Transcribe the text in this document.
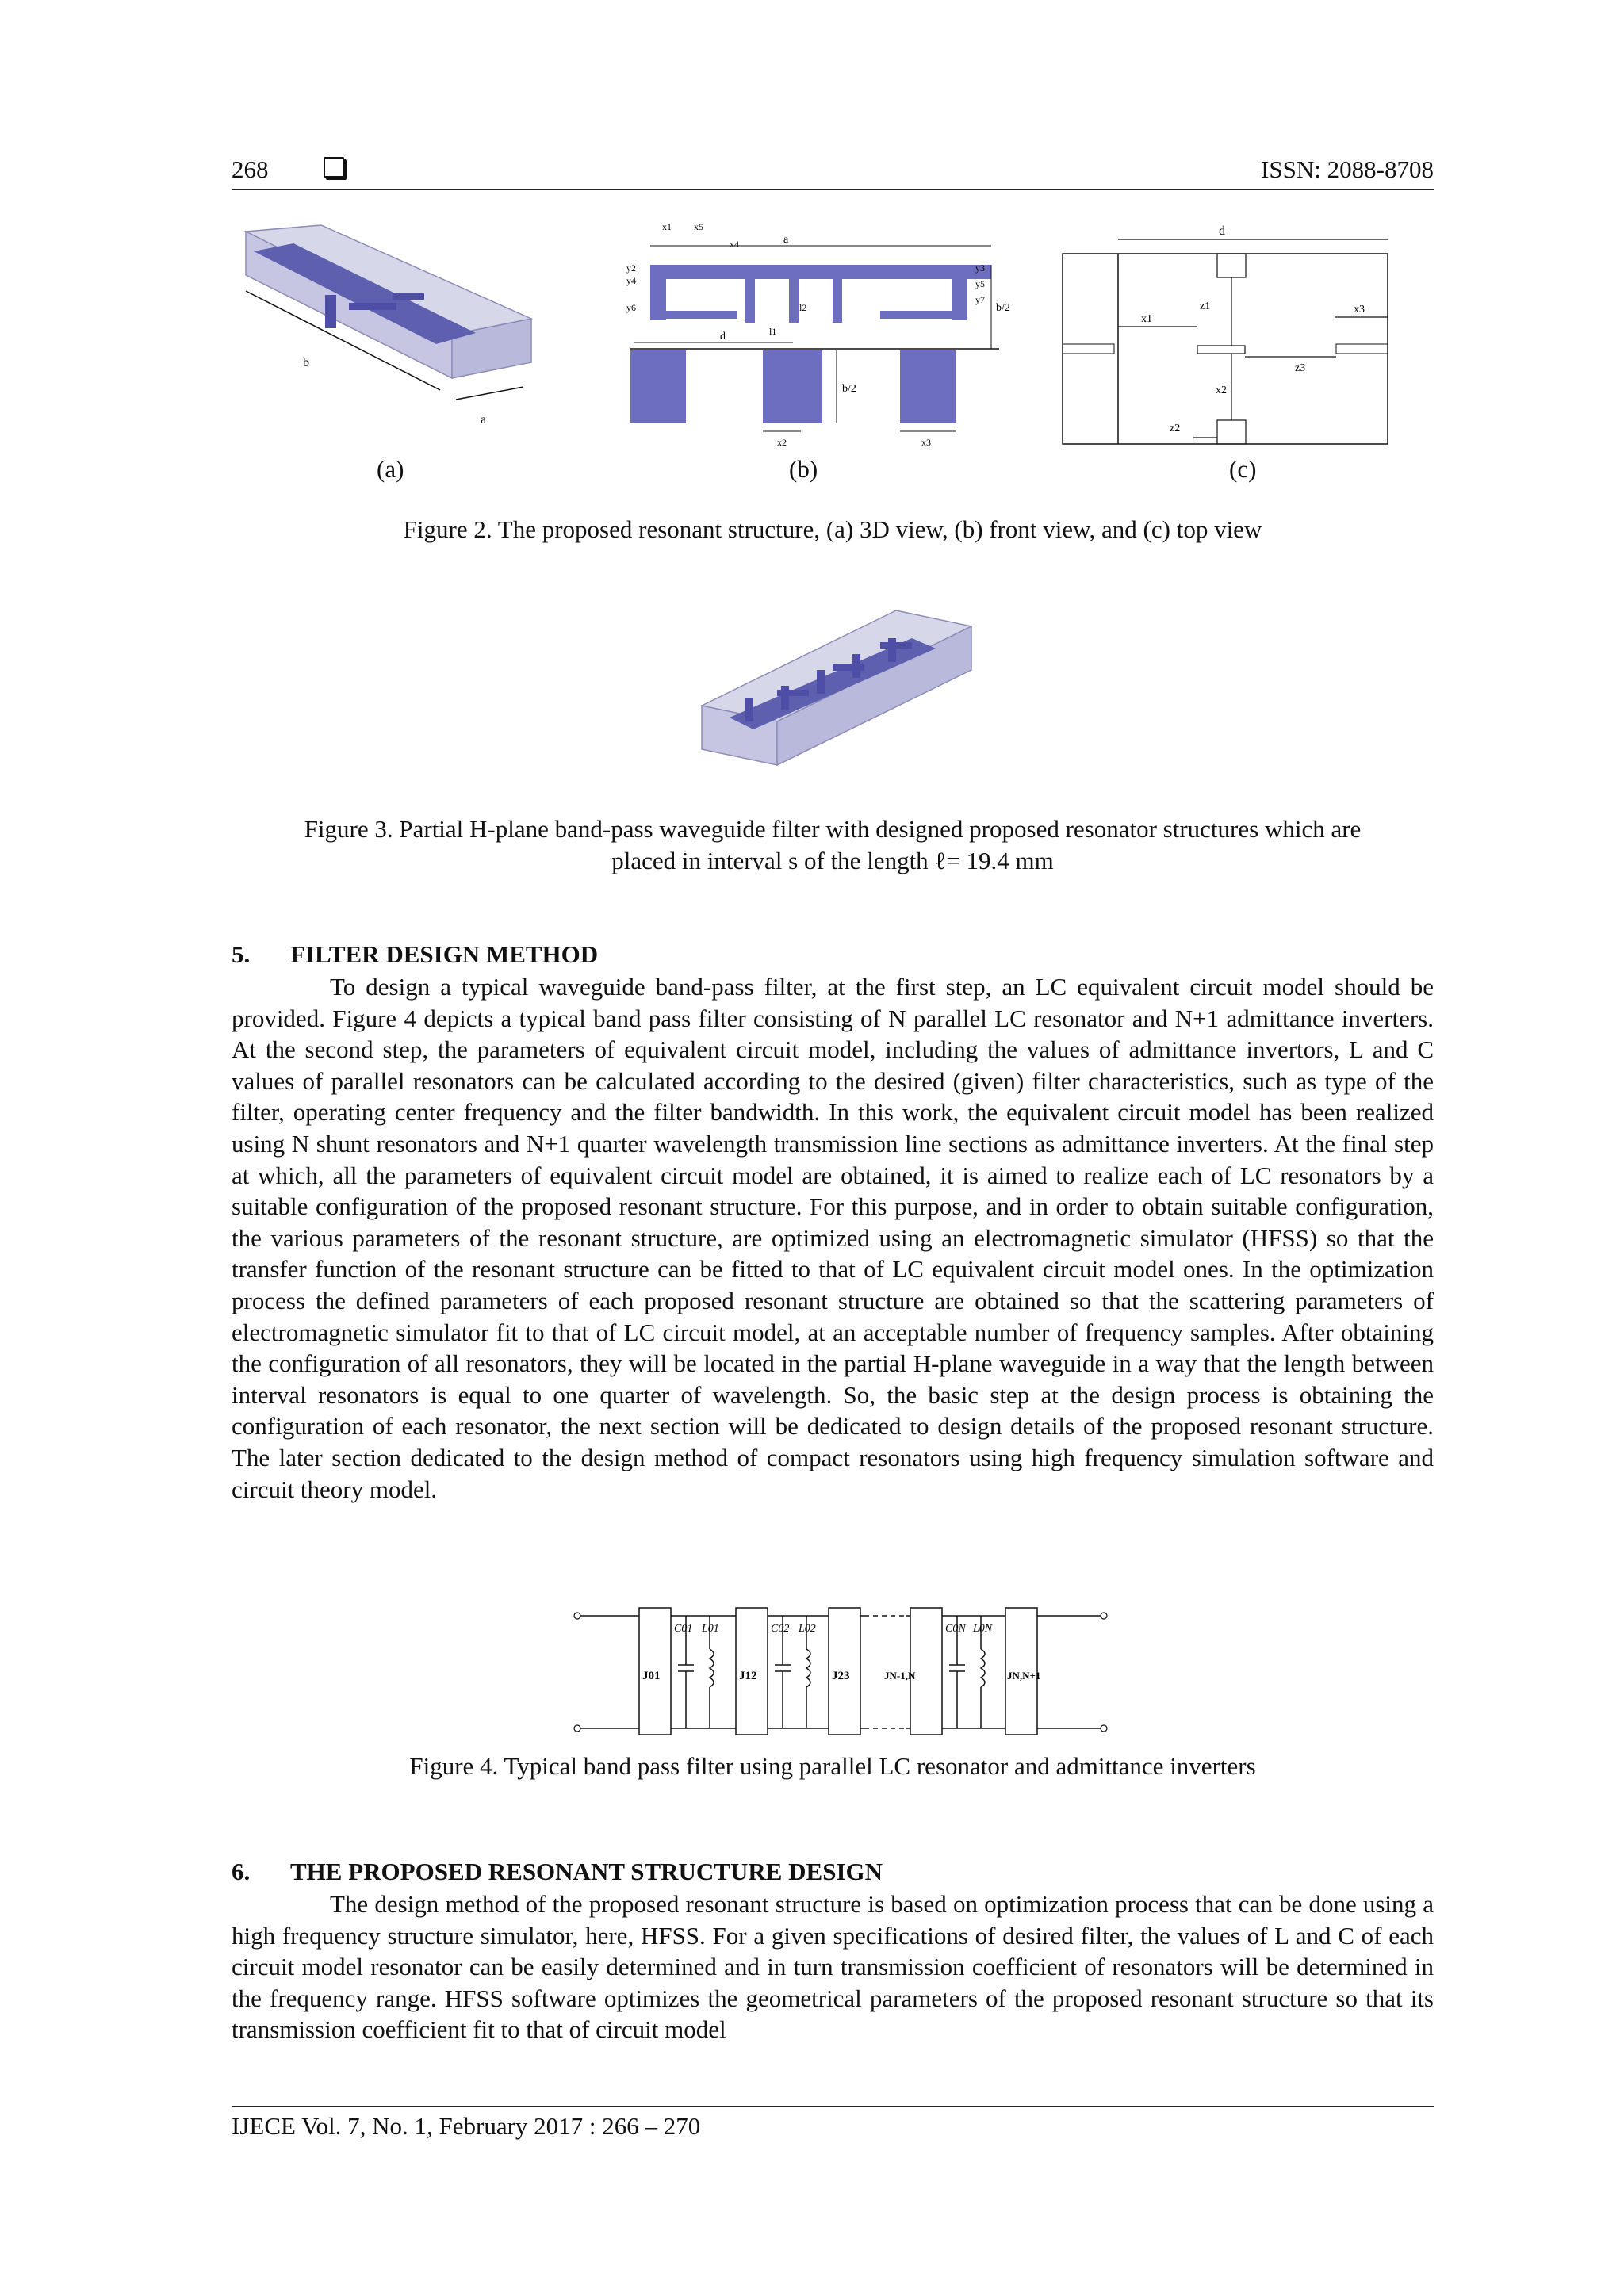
268	ISSN: 2088-8708
b
a
a
d
x1 x5
x4
y2
y4
y6
y3
y5
y7
b/2
l2
l1
b/2
x2	x3
d
z1
x1
x3
z3
x2
z2
(a)	(b)	(c)
Figure 2. The proposed resonant structure, (a) 3D view, (b) front view, and (c) top view
Figure 3. Partial H-plane band-pass waveguide filter with designed proposed resonator structures which are
placed in interval s of the length ℓ= 19.4 mm
5. FILTER DESIGN METHOD
To design a typical waveguide band-pass filter, at the first step, an LC equivalent circuit model should be provided. Figure 4 depicts a typical band pass filter consisting of N parallel LC resonator and N+1 admittance inverters. At the second step, the parameters of equivalent circuit model, including the values of admittance invertors, L and C values of parallel resonators can be calculated according to the desired (given) filter characteristics, such as type of the filter, operating center frequency and the filter bandwidth. In this work, the equivalent circuit model has been realized using N shunt resonators and N+1 quarter wavelength transmission line sections as admittance inverters. At the final step at which, all the parameters of equivalent circuit model are obtained, it is aimed to realize each of LC resonators by a suitable configuration of the proposed resonant structure. For this purpose, and in order to obtain suitable configuration, the various parameters of the resonant structure, are optimized using an electromagnetic simulator (HFSS) so that the transfer function of the resonant structure can be fitted to that of LC equivalent circuit model ones. In the optimization process the defined parameters of each proposed resonant structure are obtained so that the scattering parameters of electromagnetic simulator fit to that of LC circuit model, at an acceptable number of frequency samples. After obtaining the configuration of all resonators, they will be located in the partial H-plane waveguide in a way that the length between interval resonators is equal to one quarter of wavelength. So, the basic step at the design process is obtaining the configuration of each resonator, the next section will be dedicated to design details of the proposed resonant structure. The later section dedicated to the design method of compact resonators using high frequency simulation software and circuit theory model.
J01	J12	J23	JN-1,N	JN,N+1
C01 L01	C02 L02	C0N L0N
Figure 4. Typical band pass filter using parallel LC resonator and admittance inverters
6. THE PROPOSED RESONANT STRUCTURE DESIGN
The design method of the proposed resonant structure is based on optimization process that can be done using a high frequency structure simulator, here, HFSS. For a given specifications of desired filter, the values of L and C of each circuit model resonator can be easily determined and in turn transmission coefficient of resonators will be determined in the frequency range. HFSS software optimizes the geometrical parameters of the proposed resonant structure so that its transmission coefficient fit to that of circuit model
IJECE Vol. 7, No. 1, February 2017 : 266 – 270
